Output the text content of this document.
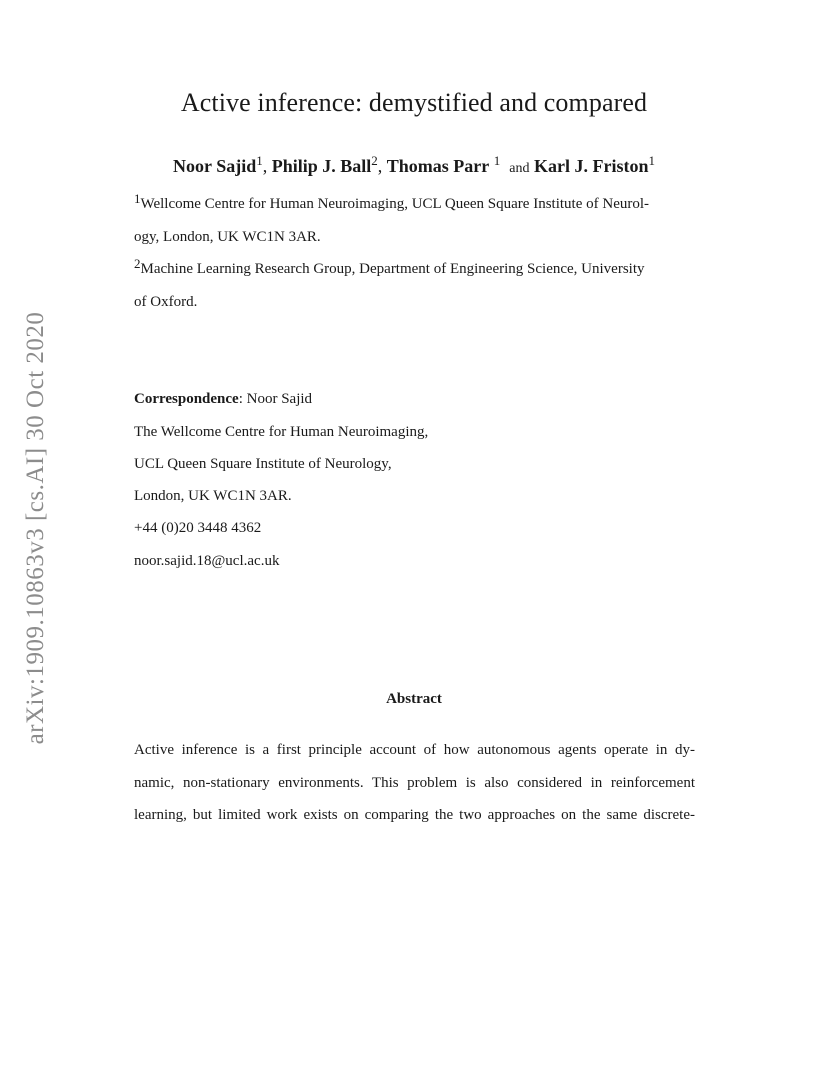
arXiv:1909.10863v3 [cs.AI] 30 Oct 2020
Active inference: demystified and compared
Noor Sajid$^1$, Philip J. Ball$^2$, Thomas Parr $^1$  and Karl J. Friston$^1$
$^1$Wellcome Centre for Human Neuroimaging, UCL Queen Square Institute of Neurol-
ogy, London, UK WC1N 3AR.
$^2$Machine Learning Research Group, Department of Engineering Science, University
of Oxford.
Correspondence: Noor Sajid
The Wellcome Centre for Human Neuroimaging,
UCL Queen Square Institute of Neurology,
London, UK WC1N 3AR.
+44 (0)20 3448 4362
noor.sajid.18@ucl.ac.uk
Abstract
Active inference is a first principle account of how autonomous agents operate in dy-
namic, non-stationary environments. This problem is also considered in reinforcement
learning, but limited work exists on comparing the two approaches on the same discrete-
